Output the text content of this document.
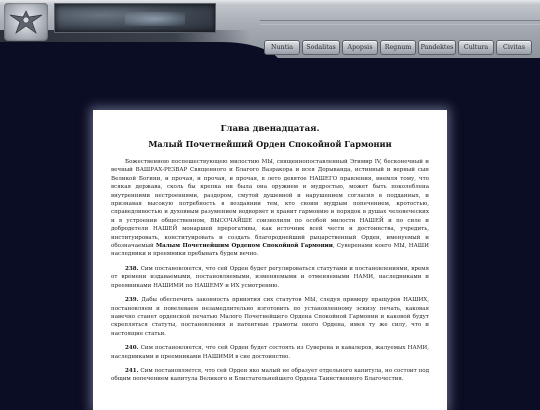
Nuntia	Sodalitas	Apopsis	Regnum	Pandektes	Cultura	Civitas
Глава двенадцатая.
Малый Почетнейший Орден Спокойной Гармонии

Божественною поспешествующею милостию МЫ, священнопоставленный Эгимир IV, бесконечный и вечный ВАШРАХ-РЕЗВАР Священного и Благого Вазракора и всея Дорыванда, истинный и верный сын Великой Богини, и прочая, и прочая, и прочая, в лето девятое НАШЕГО правления, внемля тому, что всякая держава, сколь бы крепка ни была она оружием и мудростью, может быть поколеблена внутренними нестроениями, раздором, смутой душевной и нарушением согласия в подданных, и признавая высокую потребность в воздаянии тем, кто своим мудрым попечением, кротостью, справедливостью и духовным разумением водворяет и хранит гармонию и порядок в душах человеческих и в устроении общественном, ВЫСОЧАЙШЕ соизволили по особой милости НАШЕЙ и по силе и добродетели НАШЕЙ монаршей прерогативы, как источник всей чести и достоинства, учредить, институировать, конституировать и создать благороднейший рыцарственный Орден, именуемый и обозначаемый Малым Почетнейшим Орденом Спокойной Гармонии, Суверенами коего МЫ, НАШИ наследники и преемники пребывать будем вечно.

238. Сим постановляется, что сей Орден будет регулироваться статутами и постановлениями, время от времени издаваемыми, постановляемыми, изменяемыми и отменяемыми НАМИ, наследниками и преемниками НАШИМИ по НАШЕМУ и ИХ усмотрению.

239. Дабы обеспечить законность принятия сих статутов МЫ, следуя примеру пращуров НАШИХ, постановляем и повелеваем незамедлительно изготовить по установленному эскизу печать, каковая навечно станет орденской печатью Малого Почетнейшего Ордена Спокойной Гармонии и каковой будут скрепляться статуты, постановления и патентные грамоты оного Ордена, имея ту же силу, что и настоящие статьи.

240. Сим постановляется, что сей Орден будет состоять из Суверена и кавалеров, жалуемых НАМИ, наследниками и преемниками НАШИМИ в сие достоинство.

241. Сим постановляется, что сей Орден яко малый не образует отдельного капитула, но состоит под общим попечением капитула Великого и Блистательнейшего Ордена Таинственного Благочестия.
